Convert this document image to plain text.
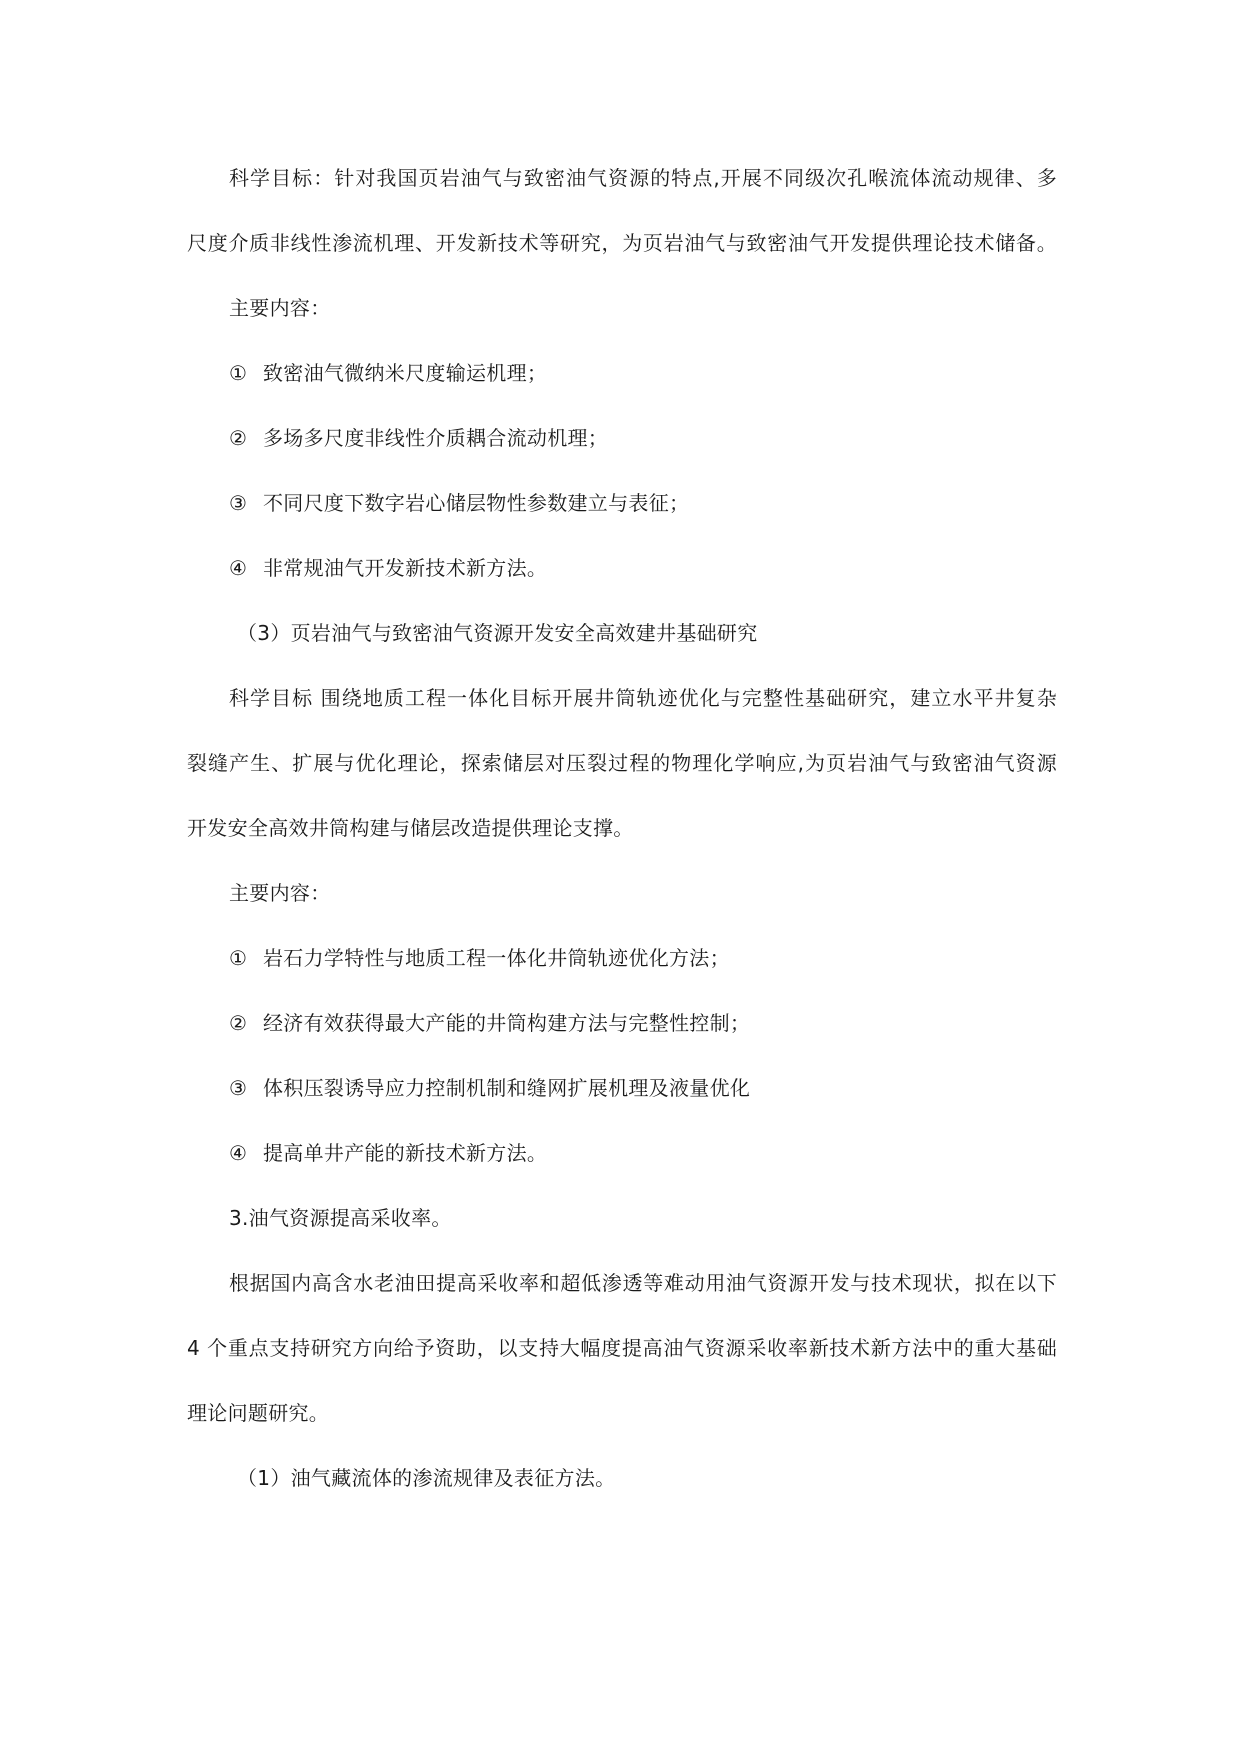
科学目标：针对我国页岩油气与致密油气资源的特点,开展不同级次孔喉流体流动规律、多
尺度介质非线性渗流机理、开发新技术等研究，为页岩油气与致密油气开发提供理论技术储备。
主要内容：
① 致密油气微纳米尺度输运机理；
② 多场多尺度非线性介质耦合流动机理；
③ 不同尺度下数字岩心储层物性参数建立与表征；
④ 非常规油气开发新技术新方法。
（3）页岩油气与致密油气资源开发安全高效建井基础研究
科学目标 围绕地质工程一体化目标开展井筒轨迹优化与完整性基础研究，建立水平井复杂
裂缝产生、扩展与优化理论，探索储层对压裂过程的物理化学响应,为页岩油气与致密油气资源
开发安全高效井筒构建与储层改造提供理论支撑。
主要内容：
① 岩石力学特性与地质工程一体化井筒轨迹优化方法；
② 经济有效获得最大产能的井筒构建方法与完整性控制；
③ 体积压裂诱导应力控制机制和缝网扩展机理及液量优化
④ 提高单井产能的新技术新方法。
3.油气资源提高采收率。
根据国内高含水老油田提高采收率和超低渗透等难动用油气资源开发与技术现状，拟在以下
4 个重点支持研究方向给予资助，以支持大幅度提高油气资源采收率新技术新方法中的重大基础
理论问题研究。
（1）油气藏流体的渗流规律及表征方法。
